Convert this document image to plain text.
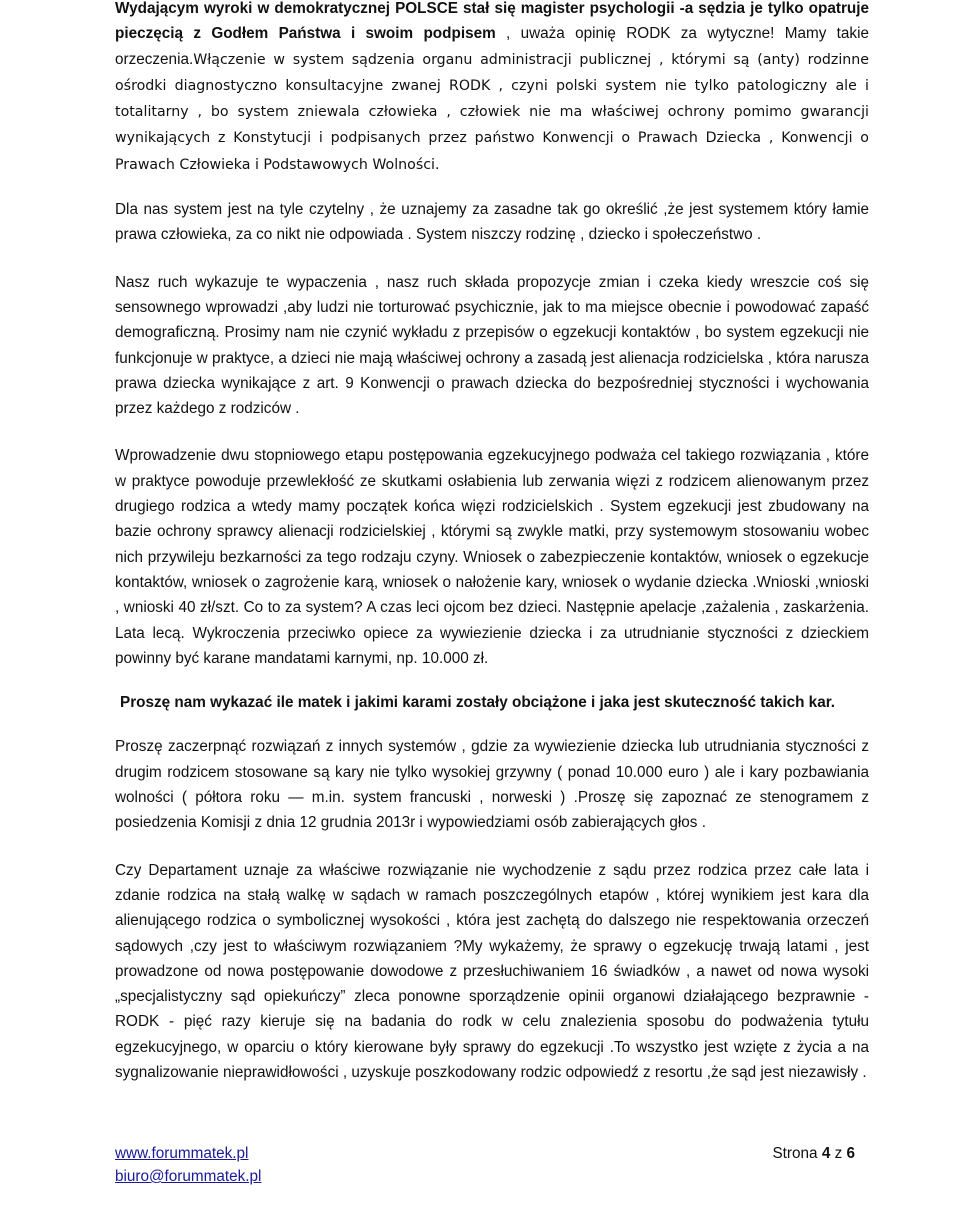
Wydającym wyroki w demokratycznej POLSCE stał się magister psychologii -a sędzia je tylko opatruje pieczęcią z Godłem Państwa i swoim podpisem , uważa opinię RODK za wytyczne! Mamy takie orzeczenia.Włączenie w system sądzenia organu administracji publicznej , którymi są (anty) rodzinne ośrodki diagnostyczno konsultacyjne zwanej RODK , czyni polski system nie tylko patologiczny ale i totalitarny , bo system zniewala człowieka , człowiek nie ma właściwej ochrony pomimo gwarancji wynikających z Konstytucji i podpisanych przez państwo Konwencji o Prawach Dziecka , Konwencji o Prawach Człowieka i Podstawowych Wolności.

Dla nas system jest na tyle czytelny , że uznajemy za zasadne tak go określić ,że jest systemem który łamie prawa człowieka, za co nikt nie odpowiada . System niszczy rodzinę , dziecko i społeczeństwo .

Nasz ruch wykazuje te wypaczenia , nasz ruch składa propozycje zmian i czeka kiedy wreszcie coś się sensownego wprowadzi ,aby ludzi nie torturować psychicznie, jak to ma miejsce obecnie i powodować zapaść demograficzną. Prosimy nam nie czynić wykładu z przepisów o egzekucji kontaktów , bo system egzekucji nie funkcjonuje w praktyce, a dzieci nie mają właściwej ochrony a zasadą jest alienacja rodzicielska , która narusza prawa dziecka wynikające z art. 9 Konwencji o prawach dziecka do bezpośredniej styczności i wychowania przez każdego z rodziców .

Wprowadzenie dwu stopniowego etapu postępowania egzekucyjnego podważa cel takiego rozwiązania , które w praktyce powoduje przewlekłość ze skutkami osłabienia lub zerwania więzi z rodzicem alienowanym przez drugiego rodzica a wtedy mamy początek końca więzi rodzicielskich . System egzekucji jest zbudowany na bazie ochrony sprawcy alienacji rodzicielskiej , którymi są zwykle matki, przy systemowym stosowaniu wobec nich przywileju bezkarności za tego rodzaju czyny. Wniosek o zabezpieczenie kontaktów, wniosek o egzekucje kontaktów, wniosek o zagrożenie karą, wniosek o nałożenie kary, wniosek o wydanie dziecka .Wnioski ,wnioski , wnioski 40 zł/szt. Co to za system? A czas leci ojcom bez dzieci. Następnie apelacje ,zażalenia , zaskarżenia. Lata lecą. Wykroczenia przeciwko opiece za wywiezienie dziecka i za utrudnianie styczności z dzieckiem powinny być karane mandatami karnymi, np. 10.000 zł.

Proszę nam wykazać ile matek i jakimi karami zostały obciążone i jaka jest skuteczność takich kar.

Proszę zaczerpnąć rozwiązań z innych systemów , gdzie za wywiezienie dziecka lub utrudniania styczności z drugim rodzicem stosowane są kary nie tylko wysokiej grzywny ( ponad 10.000 euro ) ale i kary pozbawiania wolności ( półtora roku — m.in. system francuski , norweski ) .Proszę się zapoznać ze stenogramem z posiedzenia Komisji z dnia 12 grudnia 2013r i wypowiedziami osób zabierających głos .

Czy Departament uznaje za właściwe rozwiązanie nie wychodzenie z sądu przez rodzica przez całe lata i zdanie rodzica na stałą walkę w sądach w ramach poszczególnych etapów , której wynikiem jest kara dla alienującego rodzica o symbolicznej wysokości , która jest zachętą do dalszego nie respektowania orzeczeń sądowych ,czy jest to właściwym rozwiązaniem ?My wykażemy, że sprawy o egzekucję trwają latami , jest prowadzone od nowa postępowanie dowodowe z przesłuchiwaniem 16 świadków , a nawet od nowa wysoki „specjalistyczny sąd opiekuńczy” zleca ponowne sporządzenie opinii organowi działającego bezprawnie -RODK - pięć razy kieruje się na badania do rodk w celu znalezienia sposobu do podważenia tytułu egzekucyjnego, w oparciu o który kierowane były sprawy do egzekucji .To wszystko jest wzięte z życia a na sygnalizowanie nieprawidłowości , uzyskuje poszkodowany rodzic odpowiedź z resortu ,że sąd jest niezawisły .

www.forummatek.pl
biuro@forummatek.pl
Strona 4 z 6
